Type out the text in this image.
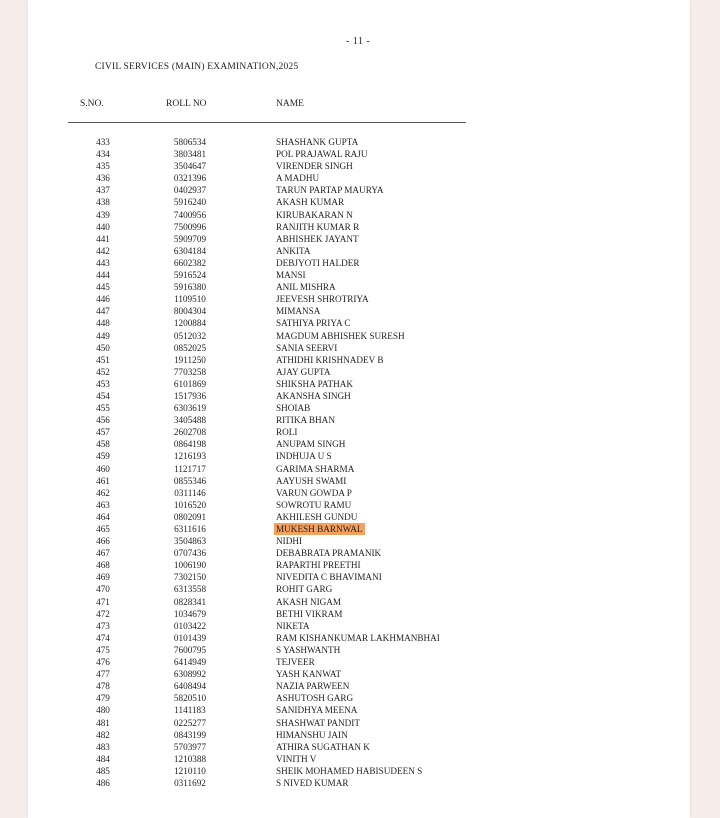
- 11 -
CIVIL SERVICES (MAIN) EXAMINATION,2025
S.NO.	ROLL NO	NAME
433	5806534	SHASHANK GUPTA
434	3803481	POL PRAJAWAL RAJU
435	3504647	VIRENDER SINGH
436	0321396	A MADHU
437	0402937	TARUN PARTAP MAURYA
438	5916240	AKASH KUMAR
439	7400956	KIRUBAKARAN N
440	7500996	RANJITH KUMAR R
441	5909709	ABHISHEK JAYANT
442	6304184	ANKITA
443	6602382	DEBJYOTI HALDER
444	5916524	MANSI
445	5916380	ANIL MISHRA
446	1109510	JEEVESH SHROTRIYA
447	8004304	MIMANSA
448	1200884	SATHIYA PRIYA C
449	0512032	MAGDUM ABHISHEK SURESH
450	0852025	SANIA SEERVI
451	1911250	ATHIDHI KRISHNADEV B
452	7703258	AJAY GUPTA
453	6101869	SHIKSHA PATHAK
454	1517936	AKANSHA SINGH
455	6303619	SHOIAB
456	3405488	RITIKA BHAN
457	2602708	ROLI
458	0864198	ANUPAM SINGH
459	1216193	INDHUJA U S
460	1121717	GARIMA SHARMA
461	0855346	AAYUSH SWAMI
462	0311146	VARUN GOWDA P
463	1016520	SOWROTU RAMU
464	0802091	AKHILESH GUNDU
465	6311616	MUKESH BARNWAL
466	3504863	NIDHI
467	0707436	DEBABRATA PRAMANIK
468	1006190	RAPARTHI PREETHI
469	7302150	NIVEDITA C BHAVIMANI
470	6313558	ROHIT GARG
471	0828341	AKASH NIGAM
472	1034679	BETHI VIKRAM
473	0103422	NIKETA
474	0101439	RAM KISHANKUMAR LAKHMANBHAI
475	7600795	S YASHWANTH
476	6414949	TEJVEER
477	6308992	YASH KANWAT
478	6408494	NAZIA PARWEEN
479	5820510	ASHUTOSH GARG
480	1141183	SANIDHYA MEENA
481	0225277	SHASHWAT PANDIT
482	0843199	HIMANSHU JAIN
483	5703977	ATHIRA SUGATHAN K
484	1210388	VINITH V
485	1210110	SHEIK MOHAMED HABISUDEEN S
486	0311692	S NIVED KUMAR
